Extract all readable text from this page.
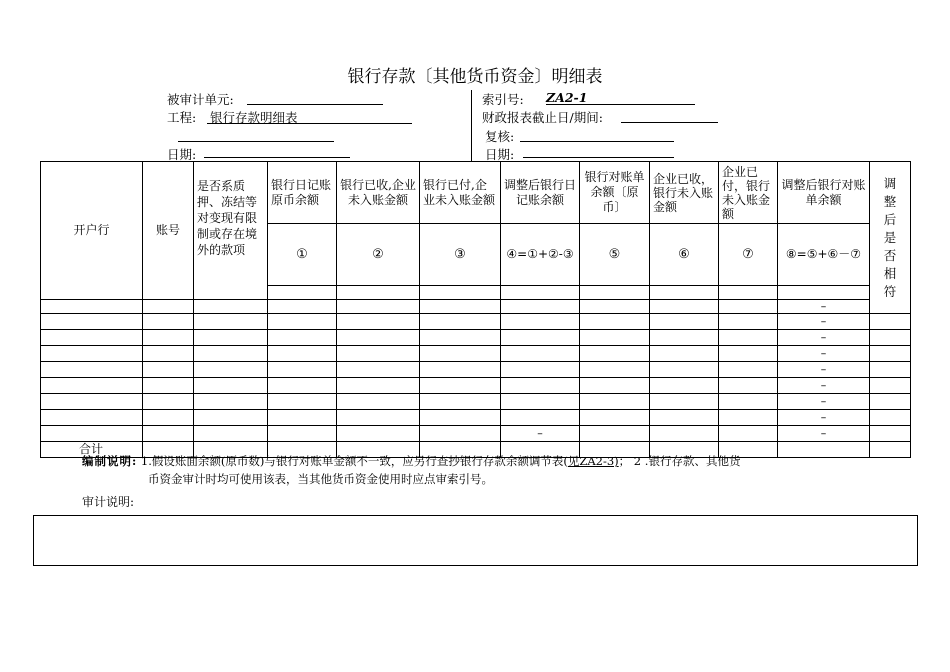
银行存款〔其他货币资金〕明细表
被审计单元:
工程: 银行存款明细表
日期:
索引号: ZA2-1
财政报表截止日/期间:
复核:
日期:
开户行	账号	是否系质押、冻结等对变现有限制或存在境外的款项	银行日记账原币余额	银行已收,企业未入账金额	银行已付,企业未入账金额	调整后银行日记账余额	银行对账单余额〔原币〕	企业已收，银行未入账金额	企业已付，银行未入账金额	调整后银行对账单余额	调整后是否相符
			①	②	③	④=①+②-③	⑤	⑥	⑦	⑧=⑤+⑥－⑦	

										–	
										–	
										–	
										–	
										–	
										–	
										–	
										–	
						–				–	
合计											
编制说明: 1.假设账面余额(原币数)与银行对账单金额不一致，应另行查抄银行存款余额调节表(见ZA2-3)； 2 .银行存款、其他货
币资金审计时均可使用该表，当其他货币资金使用时应点审索引号。
审计说明:
